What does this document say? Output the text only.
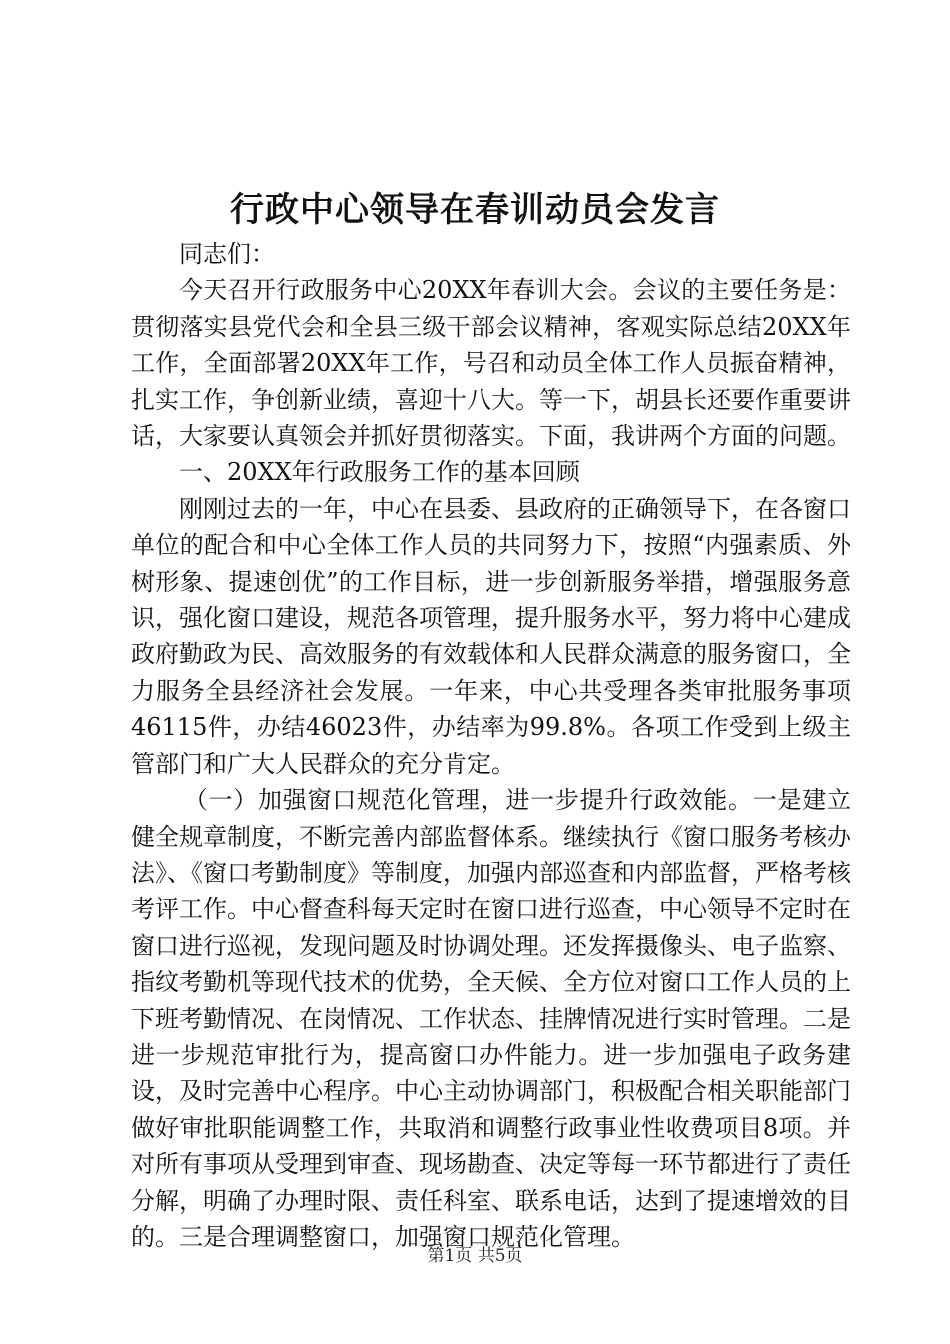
行政中心领导在春训动员会发言

同志们：

今天召开行政服务中心20XX年春训大会。会议的主要任务是：贯彻落实县党代会和全县三级干部会议精神，客观实际总结20XX年工作，全面部署20XX年工作，号召和动员全体工作人员振奋精神，扎实工作，争创新业绩，喜迎十八大。等一下，胡县长还要作重要讲话，大家要认真领会并抓好贯彻落实。下面，我讲两个方面的问题。

一、20XX年行政服务工作的基本回顾

刚刚过去的一年，中心在县委、县政府的正确领导下，在各窗口单位的配合和中心全体工作人员的共同努力下，按照“内强素质、外树形象、提速创优”的工作目标，进一步创新服务举措，增强服务意识，强化窗口建设，规范各项管理，提升服务水平，努力将中心建成政府勤政为民、高效服务的有效载体和人民群众满意的服务窗口，全力服务全县经济社会发展。一年来，中心共受理各类审批服务事项46115件，办结46023件，办结率为99.8%。各项工作受到上级主管部门和广大人民群众的充分肯定。

（一）加强窗口规范化管理，进一步提升行政效能。一是建立健全规章制度，不断完善内部监督体系。继续执行《窗口服务考核办法》、《窗口考勤制度》等制度，加强内部巡查和内部监督，严格考核考评工作。中心督查科每天定时在窗口进行巡查，中心领导不定时在窗口进行巡视，发现问题及时协调处理。还发挥摄像头、电子监察、指纹考勤机等现代技术的优势，全天候、全方位对窗口工作人员的上下班考勤情况、在岗情况、工作状态、挂牌情况进行实时管理。二是进一步规范审批行为，提高窗口办件能力。进一步加强电子政务建设，及时完善中心程序。中心主动协调部门，积极配合相关职能部门做好审批职能调整工作，共取消和调整行政事业性收费项目8项。并对所有事项从受理到审查、现场勘查、决定等每一环节都进行了责任分解，明确了办理时限、责任科室、联系电话，达到了提速增效的目的。三是合理调整窗口，加强窗口规范化管理。

第1页 共5页
